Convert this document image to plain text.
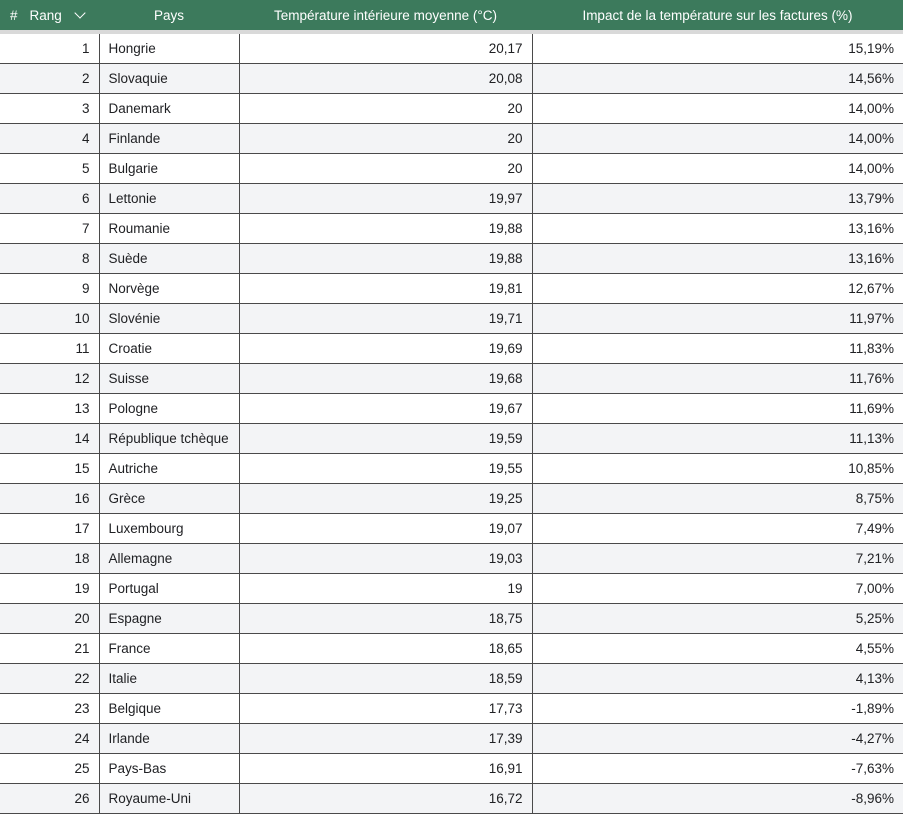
# Rang	Pays	Température intérieure moyenne (°C)	Impact de la température sur les factures (%)
1	Hongrie	20,17	15,19%
2	Slovaquie	20,08	14,56%
3	Danemark	20	14,00%
4	Finlande	20	14,00%
5	Bulgarie	20	14,00%
6	Lettonie	19,97	13,79%
7	Roumanie	19,88	13,16%
8	Suède	19,88	13,16%
9	Norvège	19,81	12,67%
10	Slovénie	19,71	11,97%
11	Croatie	19,69	11,83%
12	Suisse	19,68	11,76%
13	Pologne	19,67	11,69%
14	République tchèque	19,59	11,13%
15	Autriche	19,55	10,85%
16	Grèce	19,25	8,75%
17	Luxembourg	19,07	7,49%
18	Allemagne	19,03	7,21%
19	Portugal	19	7,00%
20	Espagne	18,75	5,25%
21	France	18,65	4,55%
22	Italie	18,59	4,13%
23	Belgique	17,73	-1,89%
24	Irlande	17,39	-4,27%
25	Pays-Bas	16,91	-7,63%
26	Royaume-Uni	16,72	-8,96%
